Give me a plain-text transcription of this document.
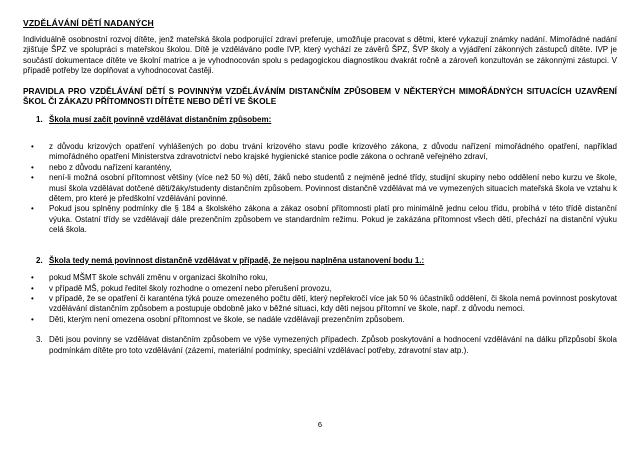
VZDĚLÁVÁNÍ DĚTÍ NADANÝCH

Individuálně osobnostní rozvoj dítěte, jenž mateřská škola podporující zdraví preferuje, umožňuje pracovat s dětmi, které vykazují známky nadání. Mimořádné nadání zjišťuje ŠPZ ve spolupráci s mateřskou školou. Dítě je vzděláváno podle IVP, který vychází ze závěrů ŠPZ, ŠVP školy a vyjádření zákonných zástupců dítěte. IVP je součástí dokumentace dítěte ve školní matrice a je vyhodnocován spolu s pedagogickou diagnostikou dvakrát ročně a zároveň konzultován se zákonnými zástupci. V případě potřeby lze doplňovat a vyhodnocovat častěji.

PRAVIDLA PRO VZDĚLÁVÁNÍ DĚTÍ S POVINNÝM VZDĚLÁVÁNÍM DISTANČNÍM ZPŮSOBEM V NĚKTERÝCH MIMOŘÁDNÝCH SITUACÍCH UZAVŘENÍ ŠKOL ČI ZÁKAZU PŘÍTOMNOSTI DÍTĚTE NEBO DĚTÍ VE ŠKOLE
1. Škola musí začít povinně vzdělávat distančním způsobem:
• z důvodu krizových opatření vyhlášených po dobu trvání krizového stavu podle krizového zákona, z důvodu nařízení mimořádného opatření, například mimořádného opatření Ministerstva zdravotnictví nebo krajské hygienické stanice podle zákona o ochraně veřejného zdraví,
• nebo z důvodu nařízení karantény,
• není-li možná osobní přítomnost většiny (více než 50 %) dětí, žáků nebo studentů z nejméně jedné třídy, studijní skupiny nebo oddělení nebo kurzu ve škole, musí škola vzdělávat dotčené děti/žáky/studenty distančním způsobem. Povinnost distančně vzdělávat má ve vymezených situacích mateřská škola ve vztahu k dětem, pro které je předškolní vzdělávání povinné.
• Pokud jsou splněny podmínky dle § 184 a školského zákona a zákaz osobní přítomnosti platí pro minimálně jednu celou třídu, probíhá v této třídě distanční výuka. Ostatní třídy se vzdělávají dále prezenčním způsobem ve standardním režimu. Pokud je zakázána přítomnost všech dětí, přechází na distanční výuku celá škola.
2. Škola tedy nemá povinnost distančně vzdělávat v případě, že nejsou naplněna ustanovení bodu 1.:
• pokud MŠMT škole schválí změnu v organizaci školního roku,
• v případě MŠ, pokud ředitel školy rozhodne o omezení nebo přerušení provozu,
• v případě, že se opatření či karanténa týká pouze omezeného počtu dětí, který nepřekročí více jak 50 % účastníků oddělení, či škola nemá povinnost poskytovat vzdělávání distančním způsobem a postupuje obdobně jako v běžné situaci, kdy děti nejsou přítomní ve škole, např. z důvodu nemoci.
• Děti, kterým není omezena osobní přítomnost ve škole, se nadále vzdělávají prezenčním způsobem.
3. Děti jsou povinny se vzdělávat distančním způsobem ve výše vymezených případech. Způsob poskytování a hodnocení vzdělávání na dálku přizpůsobí škola podmínkám dítěte pro toto vzdělávání (zázemí, materiální podmínky, speciální vzdělávací potřeby, zdravotní stav atp.).
6
